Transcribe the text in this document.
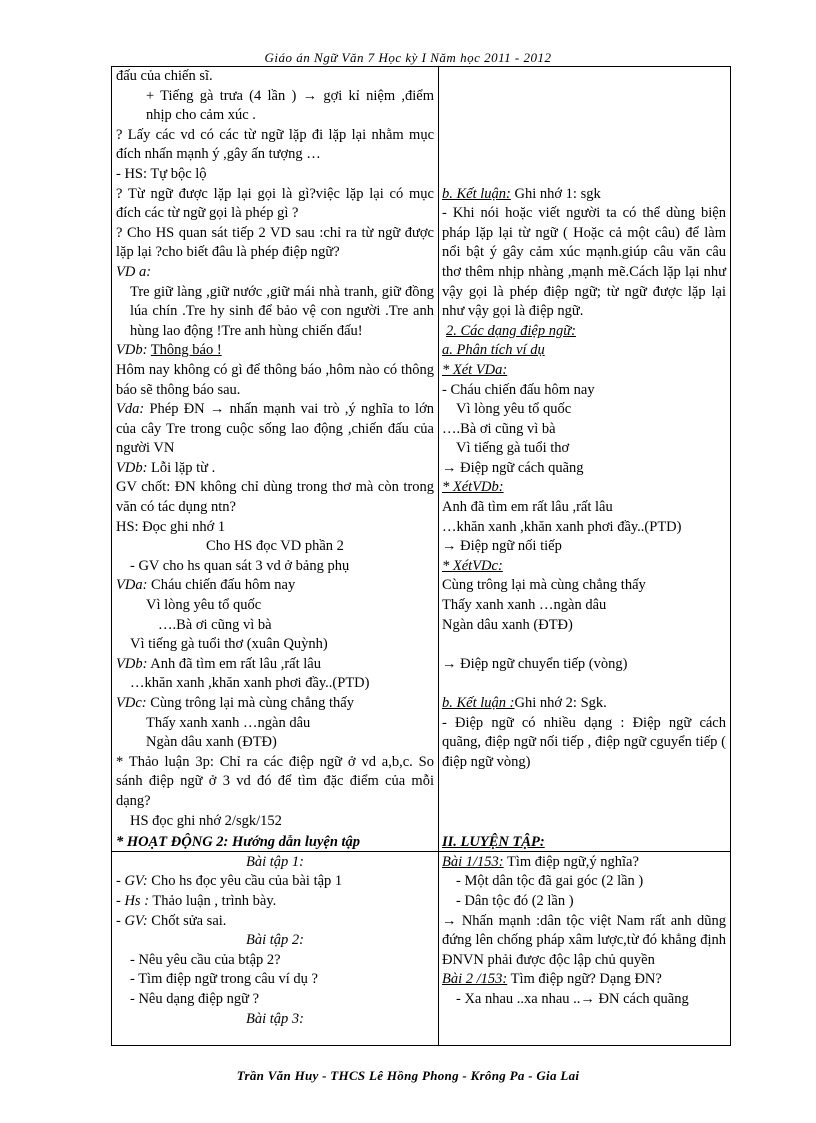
Giáo án Ngữ Văn 7 Học kỳ I Năm học 2011 - 2012

đấu của chiến sĩ.

+ Tiếng gà trưa (4 lần ) → gợi kỉ niệm ,điểm nhịp cho cảm xúc .

? Lấy các vd có các từ ngữ lặp đi lặp lại nhằm mục đích nhấn mạnh ý ,gây ấn tượng …

- HS: Tự bộc lộ

? Từ ngữ được lặp lại gọi là gì?việc lặp lại có mục đích các từ ngữ gọi là phép gì ?

? Cho HS quan sát tiếp 2 VD sau :chỉ ra từ ngữ được lặp lại ?cho biết đâu là phép điệp ngữ?

VD a:

Tre giữ làng ,giữ nước ,giữ mái nhà tranh, giữ đồng lúa chín .Tre hy sinh để bảo vệ con người .Tre anh hùng lao động !Tre anh hùng chiến đấu!

VDb: Thông báo !

Hôm nay không có gì để thông báo ,hôm nào có thông báo sẽ thông báo sau.

Vda: Phép ĐN → nhấn mạnh vai trò ,ý nghĩa to lớn của cây Tre trong cuộc sống lao động ,chiến đấu của người VN

VDb: Lỗi lặp từ .

GV chốt: ĐN không chỉ dùng trong thơ mà còn trong văn có tác dụng ntn?

HS: Đọc ghi nhớ 1

Cho HS đọc VD phần 2

- GV cho hs quan sát 3 vd ở bảng phụ

VDa: Cháu chiến đấu hôm nay

Vì lòng yêu tổ quốc

….Bà ơi cũng vì bà

Vì tiếng gà tuổi thơ (xuân Quỳnh)

VDb: Anh đã tìm em rất lâu ,rất lâu

…khăn xanh ,khăn xanh phơi đầy..(PTD)

VDc: Cùng trông lại mà cùng chẳng thấy

Thấy xanh xanh …ngàn dâu

Ngàn dâu xanh (ĐTĐ)

* Thảo luận 3p: Chỉ ra các điệp ngữ ở vd a,b,c. So sánh điệp ngữ ở 3 vd đó để tìm đặc điểm của mỗi dạng?

HS đọc ghi nhớ 2/sgk/152

* HOẠT ĐỘNG 2: Hướng dẫn luyện tập

Bài tập 1:

- GV: Cho hs đọc yêu cầu của bài tập 1

- Hs : Thảo luận , trình bày.

- GV: Chốt sửa sai.

Bài tập 2:

- Nêu yêu cầu của btập 2?

- Tìm điệp ngữ trong câu ví dụ ?

- Nêu dạng điệp ngữ ?

Bài tập 3:

b. Kết luận: Ghi nhớ 1: sgk

- Khi nói hoặc viết người ta có thể dùng biện pháp lặp lại từ ngữ ( Hoặc cả một câu) để làm nổi bật ý gây cảm xúc mạnh.giúp câu văn câu thơ thêm nhịp nhàng ,mạnh mẽ.Cách lặp lại như vậy gọi là phép điệp ngữ; từ ngữ được lặp lại như vậy gọi là điệp ngữ.

2. Các dạng điệp ngữ:

a. Phân tích ví dụ

* Xét VDa:

- Cháu chiến đấu hôm nay

Vì lòng yêu tổ quốc

….Bà ơi cũng vì bà

Vì tiếng gà tuổi thơ

→ Điệp ngữ cách quãng

* XétVDb:

Anh đã tìm em rất lâu ,rất lâu

…khăn xanh ,khăn xanh phơi đầy..(PTD)

→ Điệp ngữ nối tiếp

* XétVDc:

Cùng trông lại mà cùng chẳng thấy

Thấy xanh xanh …ngàn dâu

Ngàn dâu xanh (ĐTĐ)

→ Điệp ngữ chuyển tiếp (vòng)

b. Kết luận :Ghi nhớ 2: Sgk.

- Điệp ngữ có nhiều dạng : Điệp ngữ cách quãng, điệp ngữ nối tiếp , điệp ngữ cguyển tiếp ( điệp ngữ vòng)

II. LUYỆN TẬP:

Bài 1/153: Tìm điệp ngữ,ý nghĩa?

- Một dân tộc đã gai góc (2 lần )

- Dân tộc đó (2 lần )

→ Nhấn mạnh :dân tộc việt Nam rất anh dũng đứng lên chống pháp xâm lược,từ đó khẳng định ĐNVN phải được độc lập chủ quyền

Bài 2 /153: Tìm điệp ngữ? Dạng ĐN?

- Xa nhau ..xa nhau ..→ ĐN cách quãng

Trần Văn Huy - THCS Lê Hồng Phong - Krông Pa - Gia Lai
